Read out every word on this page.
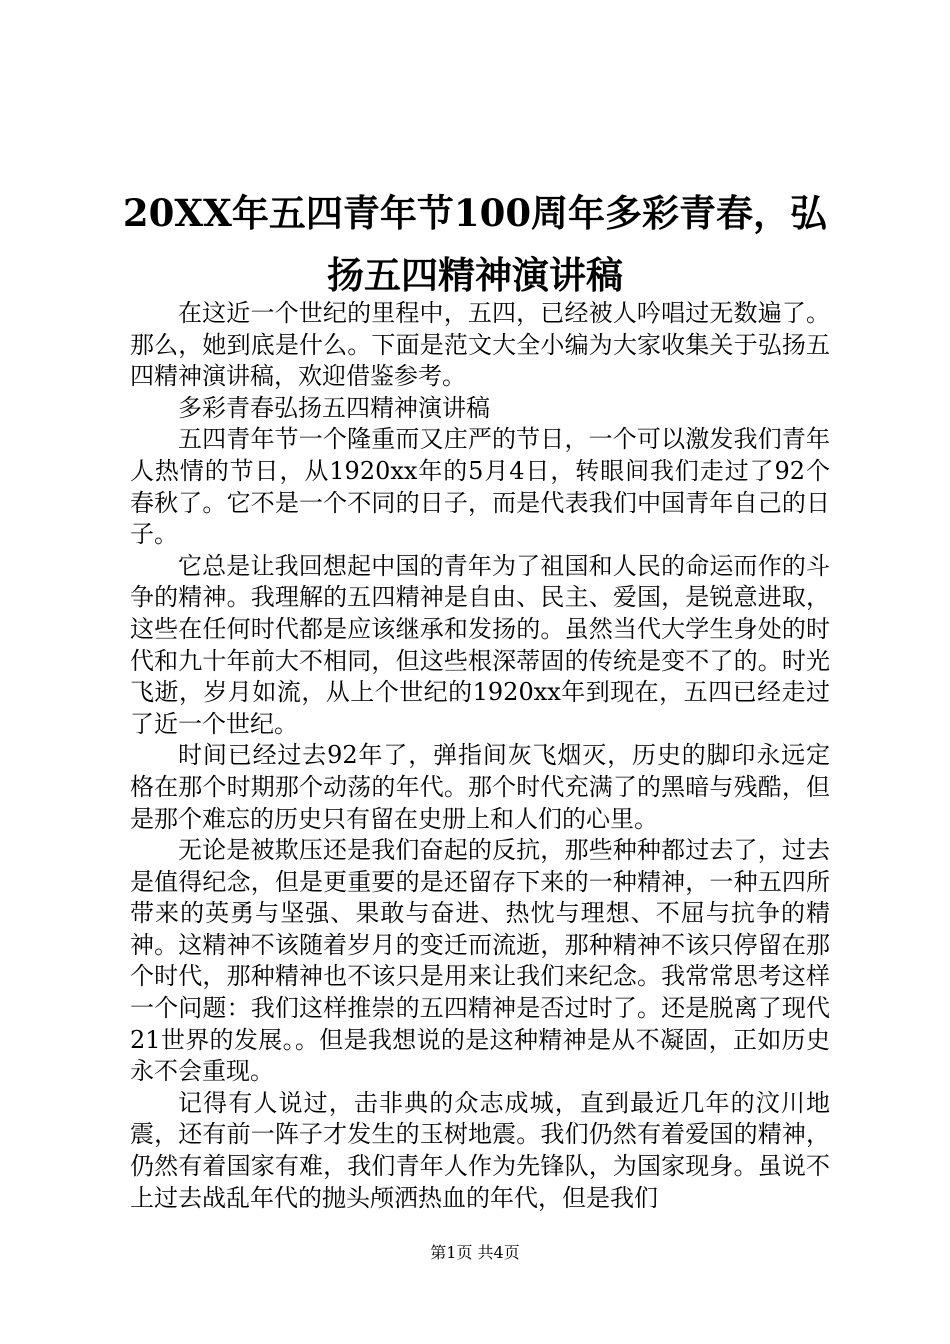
20XX年五四青年节100周年多彩青春，弘扬五四精神演讲稿

在这近一个世纪的里程中，五四，已经被人吟唱过无数遍了。那么，她到底是什么。下面是范文大全小编为大家收集关于弘扬五四精神演讲稿，欢迎借鉴参考。

多彩青春弘扬五四精神演讲稿

五四青年节一个隆重而又庄严的节日，一个可以激发我们青年人热情的节日，从1920xx年的5月4日，转眼间我们走过了92个春秋了。它不是一个不同的日子，而是代表我们中国青年自己的日子。

它总是让我回想起中国的青年为了祖国和人民的命运而作的斗争的精神。我理解的五四精神是自由、民主、爱国，是锐意进取，这些在任何时代都是应该继承和发扬的。虽然当代大学生身处的时代和九十年前大不相同，但这些根深蒂固的传统是变不了的。时光飞逝，岁月如流，从上个世纪的1920xx年到现在，五四已经走过了近一个世纪。

时间已经过去92年了，弹指间灰飞烟灭，历史的脚印永远定格在那个时期那个动荡的年代。那个时代充满了的黑暗与残酷，但是那个难忘的历史只有留在史册上和人们的心里。

无论是被欺压还是我们奋起的反抗，那些种种都过去了，过去是值得纪念，但是更重要的是还留存下来的一种精神，一种五四所带来的英勇与坚强、果敢与奋进、热忱与理想、不屈与抗争的精神。这精神不该随着岁月的变迁而流逝，那种精神不该只停留在那个时代，那种精神也不该只是用来让我们来纪念。我常常思考这样一个问题：我们这样推崇的五四精神是否过时了。还是脱离了现代21世界的发展。。但是我想说的是这种精神是从不凝固，正如历史永不会重现。

记得有人说过，击非典的众志成城，直到最近几年的汶川地震，还有前一阵子才发生的玉树地震。我们仍然有着爱国的精神，仍然有着国家有难，我们青年人作为先锋队，为国家现身。虽说不上过去战乱年代的抛头颅洒热血的年代，但是我们

第1页 共4页
